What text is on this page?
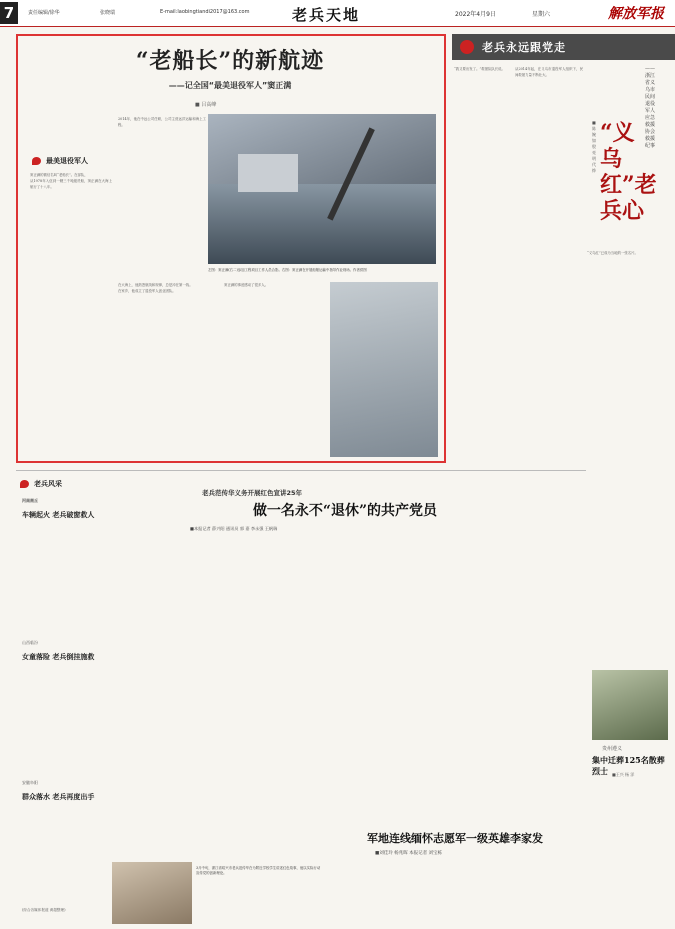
7	责任编辑/徐华	张晓瑞	E-mail:laobingtiandi2017@163.com	老兵天地	2022年4月9日	星期六	解放军报
“老船长”的新航迹
——记全国“最美退役军人”窦正满
■ 吕高峰
最美退役军人

窦正满的微信名叫“老船长”。在部队，

从1978年入伍到一艘三千吨级货船，窦正满在大海上航行了十八年。

2014年，他在中远公司任职，公司主营远洋运输和海上工程。

左图：窦正满(右二)参加工程项目工作人员合影。右图：窦正满在开展船舶运输中指导作业现场。作者供图

在大海上，他熟悉航线和规律，总是冲在第一线。

在家乡，他成立了退役军人创业团队。

窦正满的事迹感动了很多人。

老兵永远跟党走
“义乌红”老兵心
——浙江省义乌市民间退役军人应急救援协会救援纪事
■ 陈婉如 殷亮明 代烨

“我又要出发了。”救援队队长说。	从2014年起，在义乌市退役军人组织下，民间救援力量不断壮大。

“义乌红”已成为当地的一张名片。

老兵风采
河南商丘
车辆起火 老兵破窗救人
山西临汾
女童落险 老兵倒挂施救
安徽阜阳
群众落水 老兵再度出手
(综合各媒体报道 黄超整理)
老兵范传华义务开展红色宣讲25年
做一名永不“退休”的共产党员
■本报记者 薛兴阳 通讯员 郭 嘉 李永强 王帆瑞
3月中旬，浙江省绍兴市老兵范传华在为附近学校学生讲述红色故事，他以实际行动宣传党的创新理论。
军地连线缅怀志愿军一级英雄李家发
■刘佳玲 杨兆晖 本报记者 刘宝栋
贵州遵义
集中迁葬125名散葬烈士	■王兴 杨 洋
